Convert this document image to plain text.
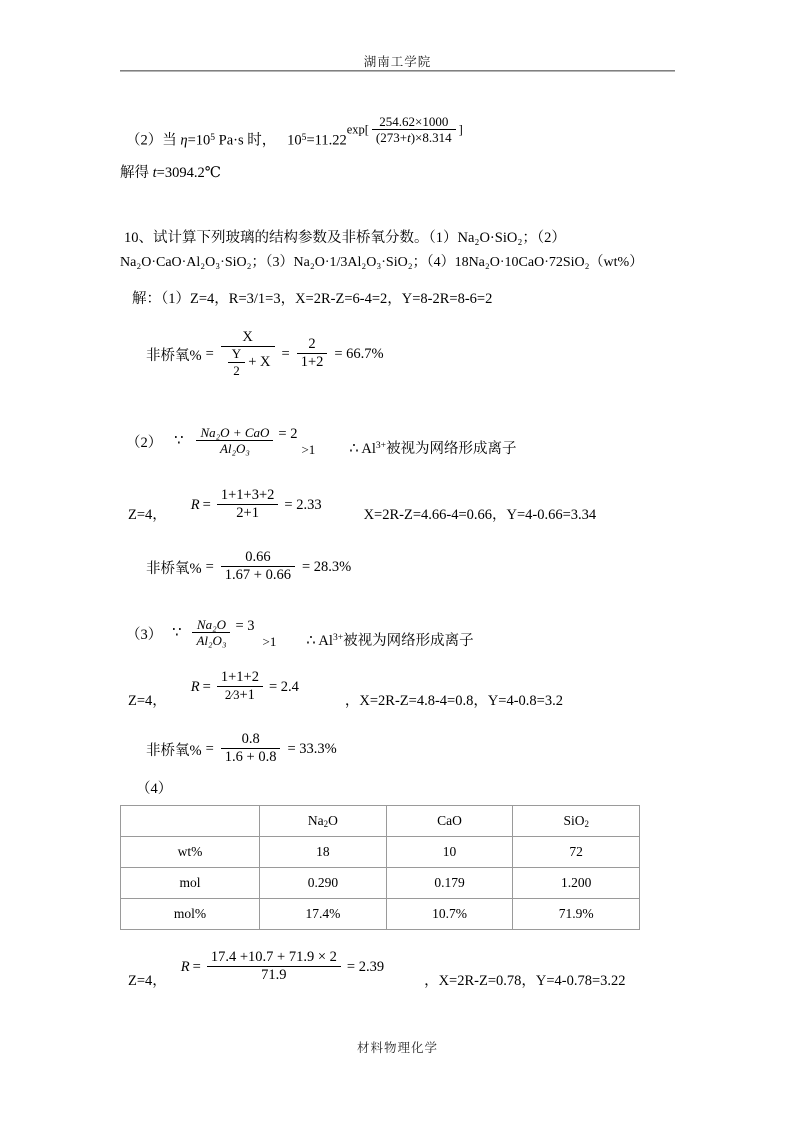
湖南工学院
（2）当 $\eta=10^5$ Pa·s 时， $10^5=11.22\exp[ \frac{254.62\times 1000}{(273+t)\times 8.314}$ ]
解得 t=3094.2℃
10、试计算下列玻璃的结构参数及非桥氧分数。（1）Na₂O·SiO₂；（2）
Na₂O·CaO·Al₂O₃·SiO₂；（3）Na₂O·1/3Al₂O₃·SiO₂；（4）18Na₂O·10CaO·72SiO₂（wt%）
解：（1）Z=4，R=3/1=3，X=2R-Z=6-4=2，Y=8-2R=8-6=2
非桥氧% = $\frac{X}{\frac{Y}{2} + X} = \frac{2}{1+2} = 66.7\%$
（2） ∵ $\frac{\text{Na₂O + CaO}}{\text{Al₂O₃}} = 2$
>1 ∴ $Al^{3+}$被视为网络形成离子
Z=4，
$R = \frac{1+1+3+2}{2+1} = 2.33$
X=2R-Z=4.66-4=0.66，Y=4-0.66=3.34
非桥氧% = $\frac{0.66}{1.67 + 0.66} = 28.3\%$
（3） ∵ $\frac{\text{Na₂O}}{\text{Al₂O₃}} = 3$
>1 ∴ $Al^{3+}$被视为网络形成离子
Z=4，
$R = \frac{1+1+2}{2⁄3+1} = 2.4$
，X=2R-Z=4.8-4=0.8，Y=4-0.8=3.2
非桥氧% = $\frac{0.8}{1.6 + 0.8} = 33.3\%$
（4）
	$Na_2O$	CaO	SiO$_2$
wt%	18	10	72
mol	0.290	0.179	1.200
mol%	17.4%	10.7%	71.9%
Z=4，
$R = \frac{17.4 +10.7 + 71.9 \times 2}{71.9} = 2.39$
，X=2R-Z=0.78，Y=4-0.78=3.22
材料物理化学
